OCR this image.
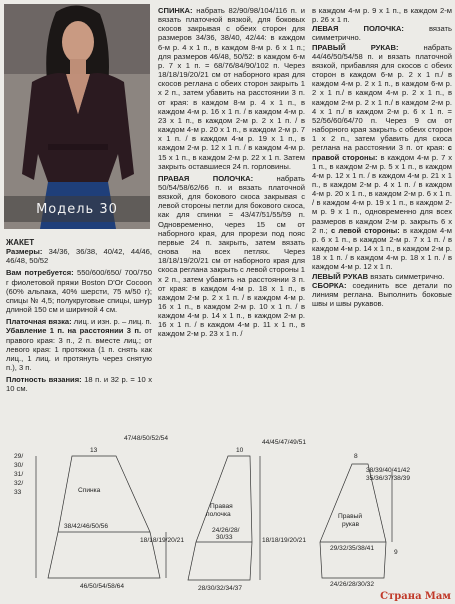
Модель 30

ЖАКЕТ

Размеры: 34/36, 36/38, 40/42, 44/46, 46/48, 50/52

Вам потребуется: 550/600/650/ 700/750 г фиолетовой пряжи Boston D'Or Cocoon (60% альпака, 40% шерсти, 75 м/50 г); спицы № 4,5; полукруговые спицы, шнур длиной 150 см и шириной 4 см.

Платочная вязка: лиц. и изн. р. – лиц. п.

Убавление 1 п. на расстоянии 3 п. от правого края: 3 п., 2 п. вместе лиц.; от левого края: 1 протяжка (1 п. снять как лиц., 1 лиц. и протянуть через снятую п.), 3 п.

Плотность вязания: 18 п. и 32 р. = 10 х 10 см.

СПИНКА: набрать 82/90/98/104/116 п. и вязать платочной вязкой, для боковых скосов закрывая с обеих сторон для размеров 34/36, 38/40, 42/44: в каждом 6-м р. 4 х 1 п., в каждом 8-м р. 6 х 1 п.; для размеров 46/48, 50/52: в каждом 6-м р. 7 х 1 п. = 68/76/84/90/102 п. Через 18/18/19/20/21 см от наборного края для скосов реглана с обеих сторон закрыть 1 х 2 п., затем убавить на расстоянии 3 п. от края: в каждом 8-м р. 4 х 1 п., в каждом 4-м р. 16 х 1 п. / в каждом 4-м р. 23 х 1 п., в каждом 2-м р. 2 х 1 п. / в каждом 4-м р. 20 х 1 п., в каждом 2-м р. 7 х 1 п. / в каждом 4-м р. 19 х 1 п., в каждом 2-м р. 12 х 1 п. / в каждом 4-м р. 15 х 1 п., в каждом 2-м р. 22 х 1 п. Затем закрыть оставшиеся 24 п. горловины.

ПРАВАЯ ПОЛОЧКА:	набрать 50/54/58/62/66 п. и вязать платочной вязкой, для бокового скоса закрывая с левой стороны петли для бокового скоса, как для спинки = 43/47/51/55/59 п. Одновременно, через 15 см от наборного края, для прорези под пояс первые 24 п. закрыть, затем вязать снова на всех петлях. Через 18/18/19/20/21 см от наборного края для скоса реглана закрыть с левой стороны 1 х 2 п., затем убавить на расстоянии 3 п. от края: в каждом 4-м р. 18 х 1 п., в каждом 2-м р. 2 х 1 п. / в каждом 4-м р. 16 х 1 п., в каждом 2-м р. 10 х 1 п. / в каждом 4-м р. 14 х 1 п., в каждом 2-м р. 16 х 1 п. / в каждом 4-м р. 11 х 1 п., в каждом 2-м р. 23 х 1 п. /

в каждом 4-м р. 9 х 1 п., в каждом 2-м р. 26 х 1 п.

ЛЕВАЯ ПОЛОЧКА:	вязать симметрично.

ПРАВЫЙ РУКАВ:	набрать 44/46/50/54/58 п. и вязать платочной вязкой, прибавляя для скосов с обеих сторон в каждом 6-м р. 2 х 1 п./ в каждом 4-м р. 2 х 1 п., в каждом 6-м р. 2 х 1 п./ в каждом 4-м р. 2 х 1 п., в каждом 2-м р. 2 х 1 п./ в каждом 2-м р. 4 х 1 п./ в каждом 2-м р. 6 х 1 п. = 52/56/60/64/70 п. Через 9 см от наборного края закрыть с обеих сторон 1 х 2 п., затем убавить для скоса реглана на расстоянии 3 п. от края: с правой стороны: в каждом 4-м р. 7 х 1 п., в каждом 2-м р. 5 х 1 п., в каждом 4-м р. 12 х 1 п. / в каждом 4-м р. 21 х 1 п., в каждом 2-м р. 4 х 1 п. / в каждом 4-м р. 20 х 1 п., в каждом 2-м р. 6 х 1 п. / в каждом 4-м р. 19 х 1 п., в каждом 2-м р. 9 х 1 п., одновременно для всех размеров в каждом 2-м р. закрыть 6 х 2 п.; с левой стороны: в каждом 4-м р. 6 х 1 п., в каждом 2-м р. 7 х 1 п. / в каждом 4-м р. 14 х 1 п., в каждом 2-м р. 18 х 1 п. / в каждом 4-м р. 18 х 1 п. / в каждом 4-м р. 12 х 1 п.

ЛЕВЫЙ РУКАВ вязать симметрично.

СБОРКА: соединить все детали по линиям реглана. Выполнить боковые швы и швы рукавов.

29/
30/
31/
32/
33
13
47/48/50/52/54
Спинка
38/42/46/50/56
18/18/19/20/21
46/50/54/58/64
10
44/45/47/49/51
Правая
полочка
24/26/28/
30/33	18/18/19/20/21
28/30/32/34/37
8
38/39/40/41/42
35/36/37/38/39
Правый
рукав
29/32/35/38/41
9
24/26/28/30/32
Страна Мам
